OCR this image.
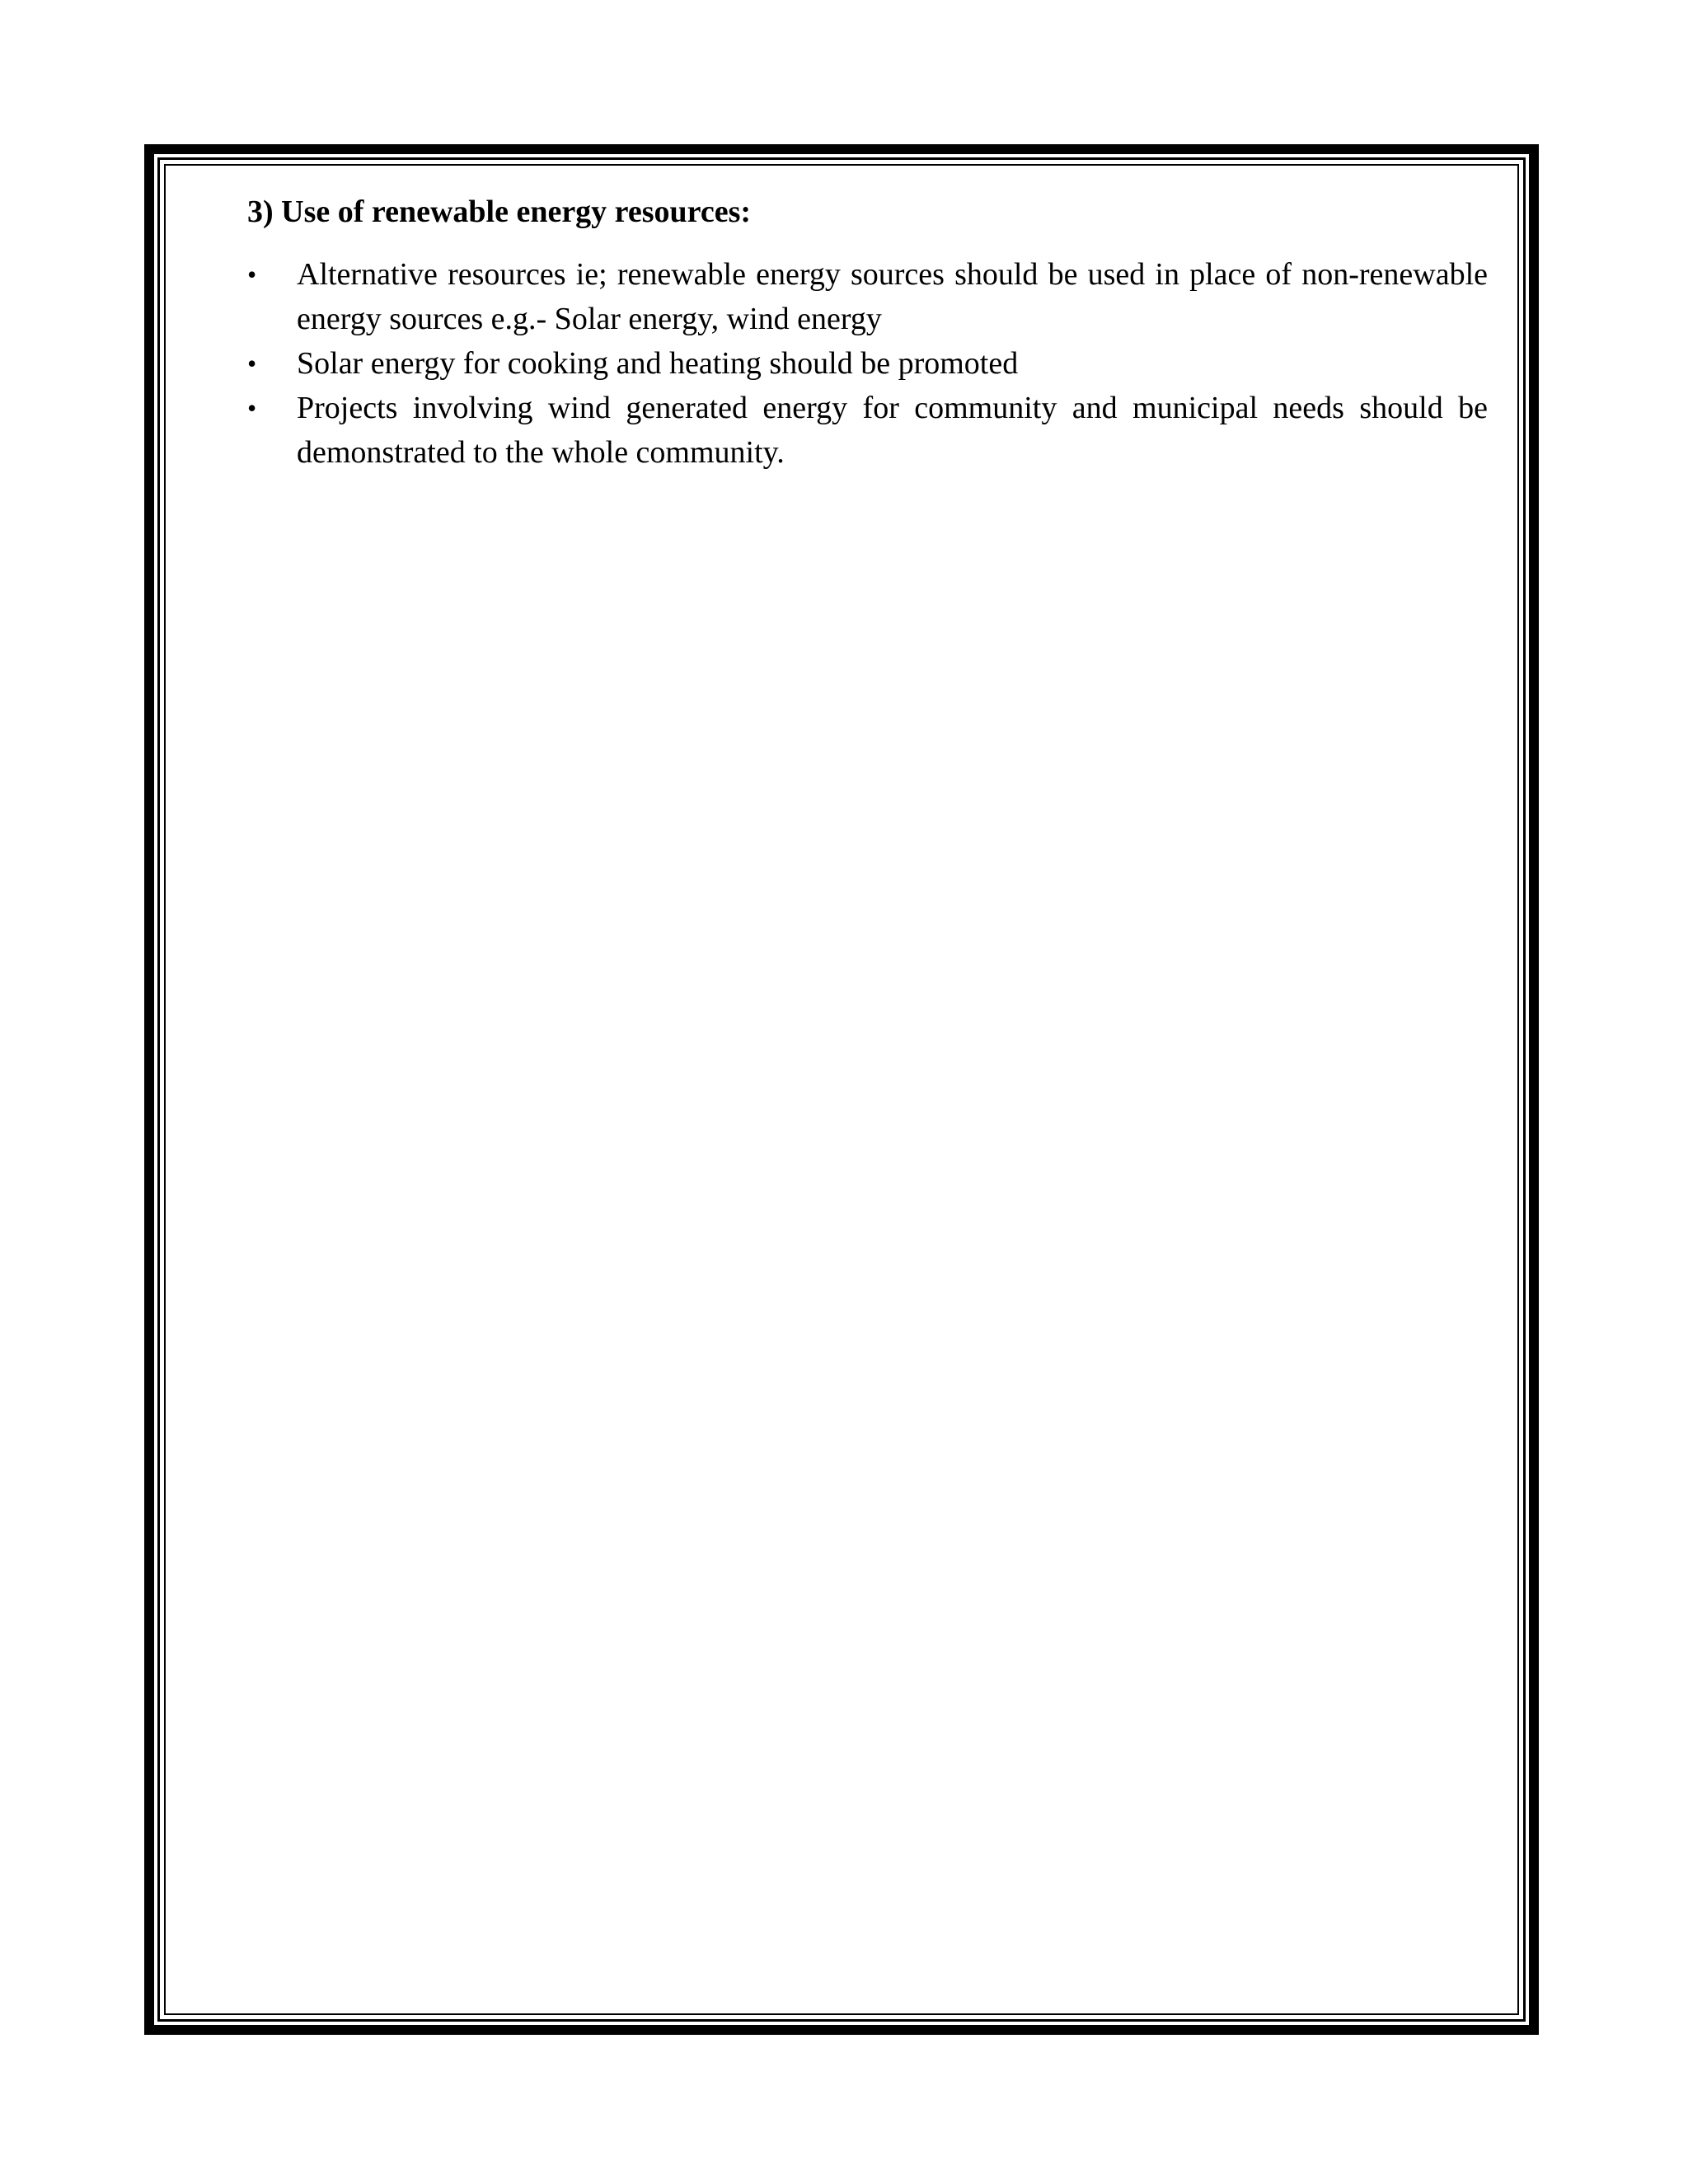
3) Use of renewable energy resources:
•	Alternative resources ie; renewable energy sources should be used in place of non-renewable energy sources e.g.- Solar energy, wind energy
•	Solar energy for cooking and heating should be promoted
•	Projects involving wind generated energy for community and municipal needs should be demonstrated to the whole community.
